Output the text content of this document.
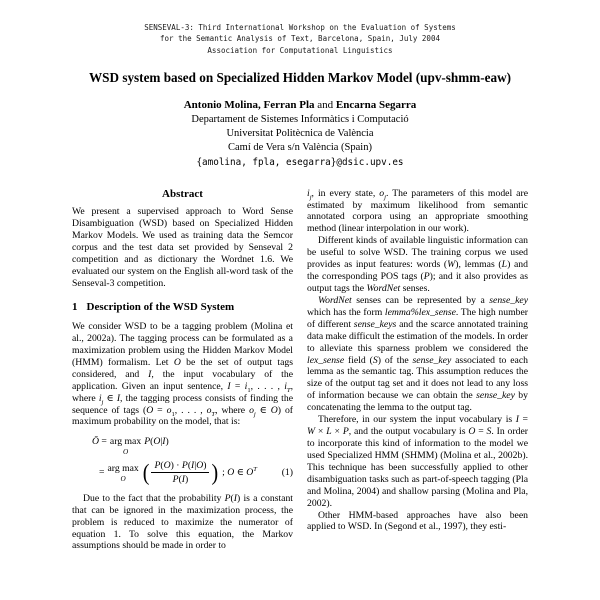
SENSEVAL-3: Third International Workshop on the Evaluation of Systems
for the Semantic Analysis of Text, Barcelona, Spain, July 2004
Association for Computational Linguistics
WSD system based on Specialized Hidden Markov Model (upv-shmm-eaw)
Antonio Molina, Ferran Pla and Encarna Segarra
Departament de Sistemes Informàtics i Computació
Universitat Politècnica de València
Camí de Vera s/n València (Spain)
{amolina, fpla, esegarra}@dsic.upv.es
Abstract

We present a supervised approach to Word Sense Disambiguation (WSD) based on Specialized Hidden Markov Models. We used as training data the Semcor corpus and the test data set provided by Senseval 2 competition and as dictionary the Wordnet 1.6. We evaluated our system on the English all-word task of the Senseval-3 competition.

1 Description of the WSD System

We consider WSD to be a tagging problem (Molina et al., 2002a). The tagging process can be formulated as a maximization problem using the Hidden Markov Model (HMM) formalism. Let O be the set of output tags considered, and I, the input vocabulary of the application. Given an input sentence, $I = i_1$, . . . , $i_T$, where $i_j$ ∈ I, the tagging process consists of finding the sequence of tags ($O = o_1$, . . . , $o_T$, where $o_j$ ∈ O) of maximum probability on the model, that is:

Ō = arg max
O
P(O|I)
= arg max
O ( $\frac{P(O) \cdot P(I|O)}{P(I)}$ ) ; O ∈ $O^T$	(1)

Due to the fact that the probability P(I) is a constant that can be ignored in the maximization process, the problem is reduced to maximize the numerator of equation 1. To solve this equation, the Markov assumptions should be made in order to

$i_j$, in every state, $o_j$. The parameters of this model are estimated by maximum likelihood from semantic annotated corpora using an appropriate smoothing method (linear interpolation in our work).

Different kinds of available linguistic information can be useful to solve WSD. The training corpus we used provides as input features: words (W), lemmas (L) and the corresponding POS tags (P); and it also provides as output tags the WordNet senses.

WordNet senses can be represented by a sense_key which has the form lemma%lex_sense. The high number of different sense_keys and the scarce annotated training data make difficult the estimation of the models. In order to alleviate this sparness problem we considered the lex_sense field (S) of the sense_key associated to each lemma as the semantic tag. This assumption reduces the size of the output tag set and it does not lead to any loss of information because we can obtain the sense_key by concatenating the lemma to the output tag.

Therefore, in our system the input vocabulary is I = W × L × P, and the output vocabulary is O = S. In order to incorporate this kind of information to the model we used Specialized HMM (SHMM) (Molina et al., 2002b). This technique has been successfully applied to other disambiguation tasks such as part-of-speech tagging (Pla and Molina, 2004) and shallow parsing (Molina and Pla, 2002).

Other HMM-based approaches have also been applied to WSD. In (Segond et al., 1997), they esti-
